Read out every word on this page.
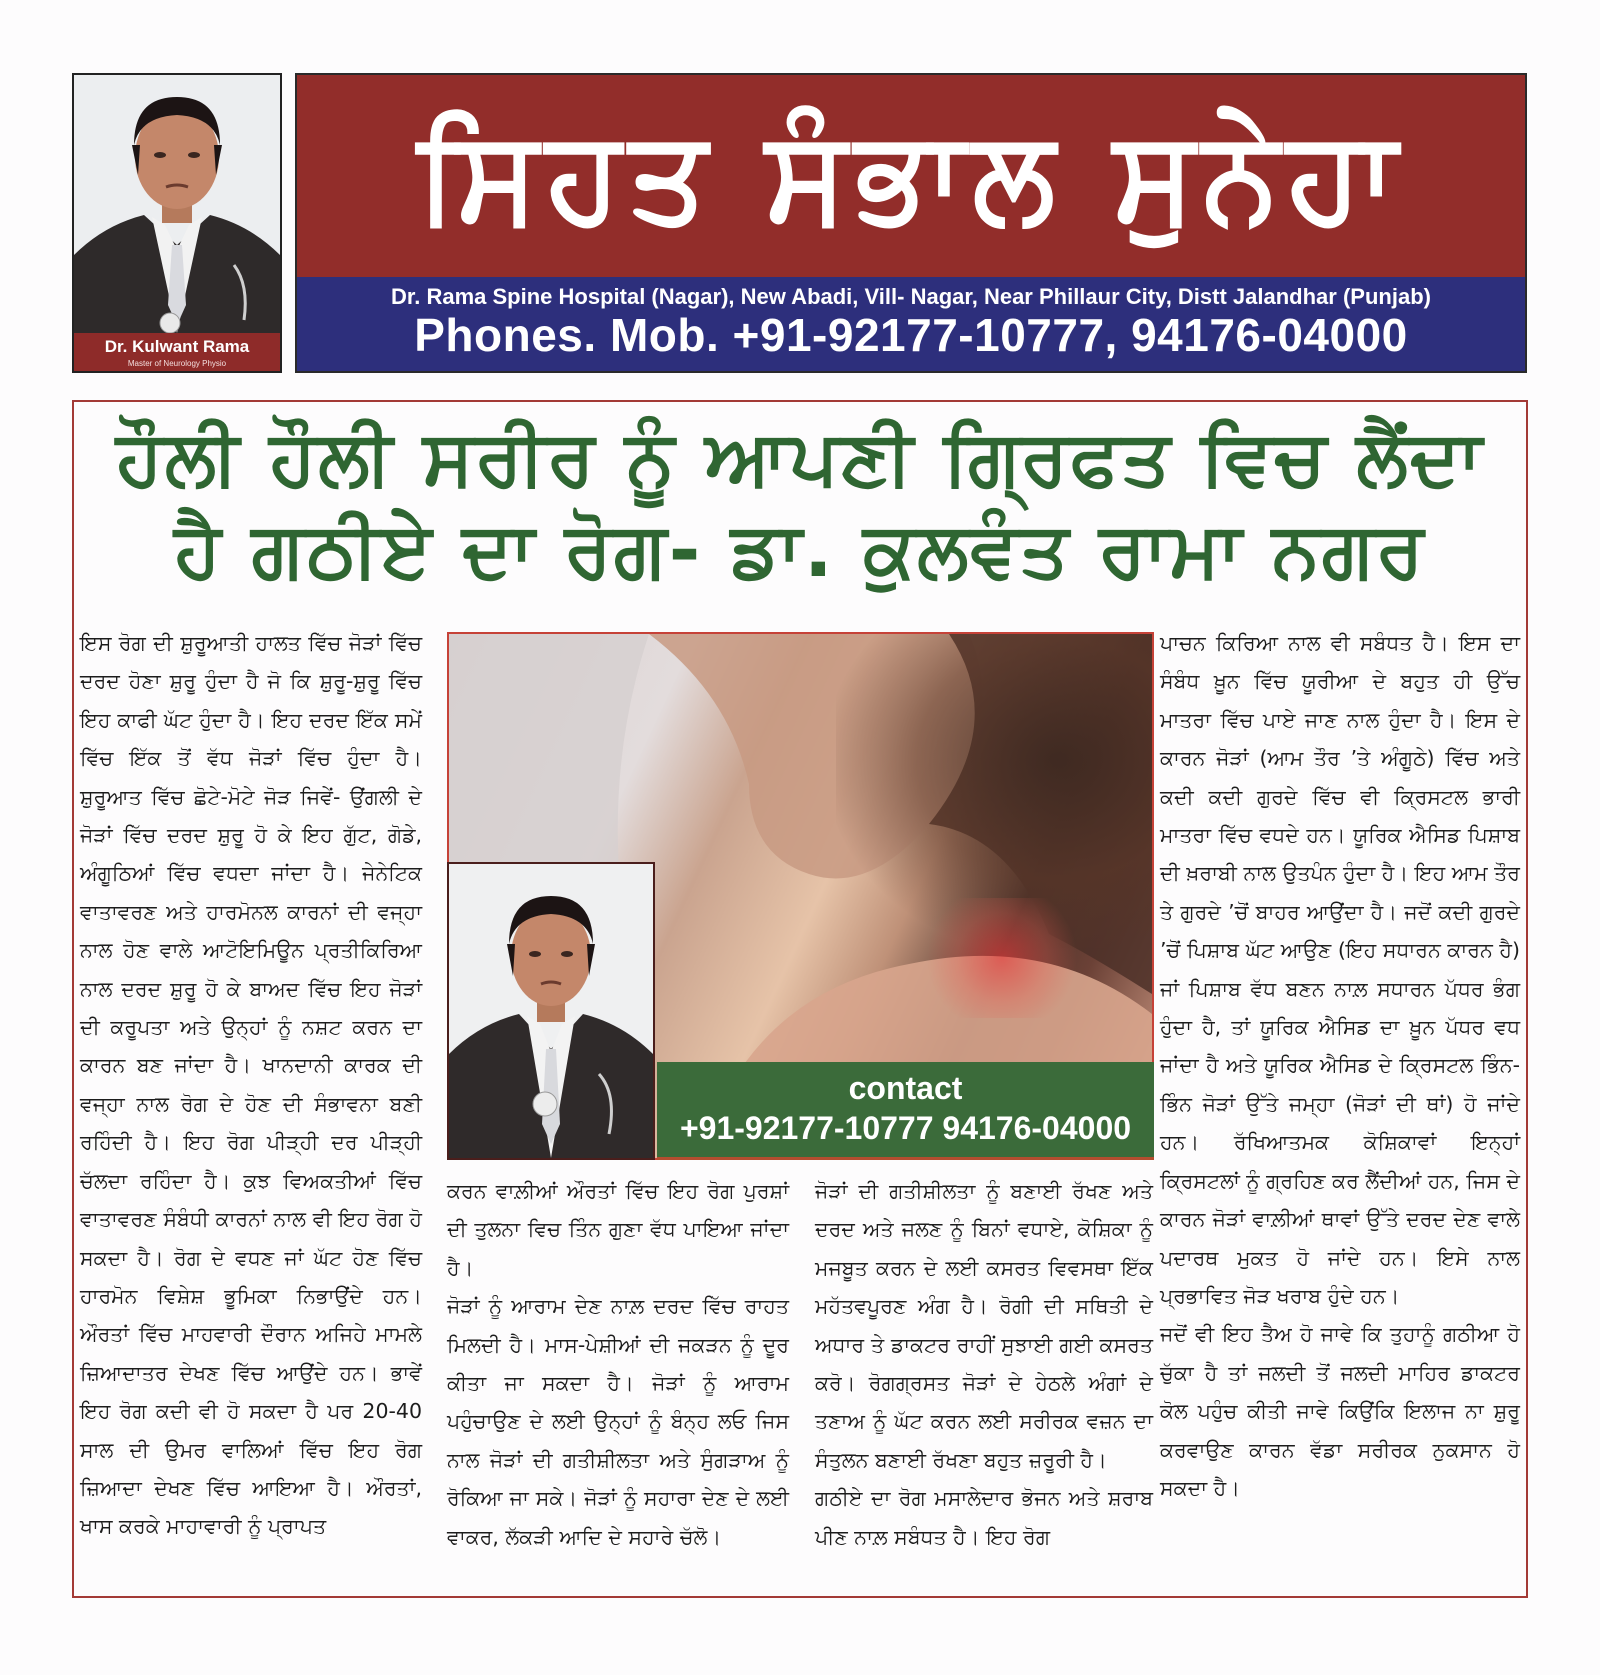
Dr. Kulwant Rama
Master of Neurology Physio
ਸਿਹਤ ਸੰਭਾਲ ਸੁਨੇਹਾ
Dr. Rama Spine Hospital (Nagar), New Abadi, Vill- Nagar, Near Phillaur City, Distt Jalandhar (Punjab)
Phones. Mob. +91-92177-10777, 94176-04000
ਹੌਲੀ ਹੌਲੀ ਸਰੀਰ ਨੂੰ ਆਪਣੀ ਗ੍ਰਿਫਤ ਵਿਚ ਲੈਂਦਾ
ਹੈ ਗਠੀਏ ਦਾ ਰੋਗ- ਡਾ. ਕੁਲਵੰਤ ਰਾਮਾ ਨਗਰ

ਇਸ ਰੋਗ ਦੀ ਸ਼ੁਰੂਆਤੀ ਹਾਲਤ ਵਿੱਚ ਜੋੜਾਂ ਵਿੱਚ ਦਰਦ ਹੋਣਾ ਸ਼ੁਰੂ ਹੁੰਦਾ ਹੈ ਜੋ ਕਿ ਸ਼ੁਰੂ-ਸ਼ੁਰੂ ਵਿੱਚ ਇਹ ਕਾਫੀ ਘੱਟ ਹੁੰਦਾ ਹੈ। ਇਹ ਦਰਦ ਇੱਕ ਸਮੇਂ ਵਿੱਚ ਇੱਕ ਤੋਂ ਵੱਧ ਜੋੜਾਂ ਵਿੱਚ ਹੁੰਦਾ ਹੈ। ਸ਼ੁਰੂਆਤ ਵਿੱਚ ਛੋਟੇ-ਮੋਟੇ ਜੋੜ ਜਿਵੇਂ- ਉਂਗਲੀ ਦੇ ਜੋੜਾਂ ਵਿੱਚ ਦਰਦ ਸ਼ੁਰੂ ਹੋ ਕੇ ਇਹ ਗੁੱਟ, ਗੋਡੇ, ਅੰਗੂਠਿਆਂ ਵਿੱਚ ਵਧਦਾ ਜਾਂਦਾ ਹੈ। ਜੇਨੇਟਿਕ ਵਾਤਾਵਰਣ ਅਤੇ ਹਾਰਮੋਨਲ ਕਾਰਨਾਂ ਦੀ ਵਜ੍ਹਾ ਨਾਲ ਹੋਣ ਵਾਲੇ ਆਟੋਇਮਿਊਨ ਪ੍ਰਤੀਕਿਰਿਆ ਨਾਲ ਦਰਦ ਸ਼ੁਰੂ ਹੋ ਕੇ ਬਾਅਦ ਵਿੱਚ ਇਹ ਜੋੜਾਂ ਦੀ ਕਰੂਪਤਾ ਅਤੇ ਉਨ੍ਹਾਂ ਨੂੰ ਨਸ਼ਟ ਕਰਨ ਦਾ ਕਾਰਨ ਬਣ ਜਾਂਦਾ ਹੈ। ਖਾਨਦਾਨੀ ਕਾਰਕ ਦੀ ਵਜ੍ਹਾ ਨਾਲ ਰੋਗ ਦੇ ਹੋਣ ਦੀ ਸੰਭਾਵਨਾ ਬਣੀ ਰਹਿੰਦੀ ਹੈ। ਇਹ ਰੋਗ ਪੀੜ੍ਹੀ ਦਰ ਪੀੜ੍ਹੀ ਚੱਲਦਾ ਰਹਿੰਦਾ ਹੈ। ਕੁਝ ਵਿਅਕਤੀਆਂ ਵਿੱਚ ਵਾਤਾਵਰਣ ਸੰਬੰਧੀ ਕਾਰਨਾਂ ਨਾਲ ਵੀ ਇਹ ਰੋਗ ਹੋ ਸਕਦਾ ਹੈ। ਰੋਗ ਦੇ ਵਧਣ ਜਾਂ ਘੱਟ ਹੋਣ ਵਿੱਚ ਹਾਰਮੋਨ ਵਿਸ਼ੇਸ਼ ਭੂਮਿਕਾ ਨਿਭਾਉਂਦੇ ਹਨ। ਔਰਤਾਂ ਵਿੱਚ ਮਾਹਵਾਰੀ ਦੌਰਾਨ ਅਜਿਹੇ ਮਾਮਲੇ ਜ਼ਿਆਦਾਤਰ ਦੇਖਣ ਵਿੱਚ ਆਉਂਦੇ ਹਨ। ਭਾਵੇਂ ਇਹ ਰੋਗ ਕਦੀ ਵੀ ਹੋ ਸਕਦਾ ਹੈ ਪਰ 20-40 ਸਾਲ ਦੀ ਉਮਰ ਵਾਲਿਆਂ ਵਿੱਚ ਇਹ ਰੋਗ ਜ਼ਿਆਦਾ ਦੇਖਣ ਵਿੱਚ ਆਇਆ ਹੈ। ਔਰਤਾਂ, ਖਾਸ ਕਰਕੇ ਮਾਹਾਵਾਰੀ ਨੂੰ ਪ੍ਰਾਪਤ

contact
+91-92177-10777 94176-04000

ਕਰਨ ਵਾਲ਼ੀਆਂ ਔਰਤਾਂ ਵਿੱਚ ਇਹ ਰੋਗ ਪੁਰਸ਼ਾਂ ਦੀ ਤੁਲਨਾ ਵਿਚ ਤਿੰਨ ਗੁਣਾ ਵੱਧ ਪਾਇਆ ਜਾਂਦਾ ਹੈ।

ਜੋੜਾਂ ਨੂੰ ਆਰਾਮ ਦੇਣ ਨਾਲ਼ ਦਰਦ ਵਿੱਚ ਰਾਹਤ ਮਿਲਦੀ ਹੈ। ਮਾਸ-ਪੇਸ਼ੀਆਂ ਦੀ ਜਕੜਨ ਨੂੰ ਦੂਰ ਕੀਤਾ ਜਾ ਸਕਦਾ ਹੈ। ਜੋੜਾਂ ਨੂੰ ਆਰਾਮ ਪਹੁੰਚਾਉਣ ਦੇ ਲਈ ਉਨ੍ਹਾਂ ਨੂੰ ਬੰਨ੍ਹ ਲਓ ਜਿਸ ਨਾਲ ਜੋੜਾਂ ਦੀ ਗਤੀਸ਼ੀਲਤਾ ਅਤੇ ਸੁੰਗੜਾਅ ਨੂੰ ਰੋਕਿਆ ਜਾ ਸਕੇ। ਜੋੜਾਂ ਨੂੰ ਸਹਾਰਾ ਦੇਣ ਦੇ ਲਈ ਵਾਕਰ, ਲੱਕੜੀ ਆਦਿ ਦੇ ਸਹਾਰੇ ਚੱਲੋ।

ਜੋੜਾਂ ਦੀ ਗਤੀਸ਼ੀਲਤਾ ਨੂੰ ਬਣਾਈ ਰੱਖਣ ਅਤੇ ਦਰਦ ਅਤੇ ਜਲਣ ਨੂੰ ਬਿਨਾਂ ਵਧਾਏ, ਕੋਸ਼ਿਕਾ ਨੂੰ ਮਜਬੂਤ ਕਰਨ ਦੇ ਲਈ ਕਸਰਤ ਵਿਵਸਥਾ ਇੱਕ ਮਹੱਤਵਪੂਰਣ ਅੰਗ ਹੈ। ਰੋਗੀ ਦੀ ਸਥਿਤੀ ਦੇ ਅਧਾਰ ਤੇ ਡਾਕਟਰ ਰਾਹੀਂ ਸੁਝਾਈ ਗਈ ਕਸਰਤ ਕਰੋ। ਰੋਗਗ੍ਰਸਤ ਜੋੜਾਂ ਦੇ ਹੇਠਲੇ ਅੰਗਾਂ ਦੇ ਤਣਾਅ ਨੂੰ ਘੱਟ ਕਰਨ ਲਈ ਸਰੀਰਕ ਵਜ਼ਨ ਦਾ ਸੰਤੁਲਨ ਬਣਾਈ ਰੱਖਣਾ ਬਹੁਤ ਜ਼ਰੂਰੀ ਹੈ।

ਗਠੀਏ ਦਾ ਰੋਗ ਮਸਾਲੇਦਾਰ ਭੋਜਨ ਅਤੇ ਸ਼ਰਾਬ ਪੀਣ ਨਾਲ਼ ਸਬੰਧਤ ਹੈ। ਇਹ ਰੋਗ

ਪਾਚਨ ਕਿਰਿਆ ਨਾਲ ਵੀ ਸਬੰਧਤ ਹੈ। ਇਸ ਦਾ ਸੰਬੰਧ ਖ਼ੂਨ ਵਿੱਚ ਯੂਰੀਆ ਦੇ ਬਹੁਤ ਹੀ ਉੱਚ ਮਾਤਰਾ ਵਿੱਚ ਪਾਏ ਜਾਣ ਨਾਲ ਹੁੰਦਾ ਹੈ। ਇਸ ਦੇ ਕਾਰਨ ਜੋੜਾਂ (ਆਮ ਤੌਰ ’ਤੇ ਅੰਗੂਠੇ) ਵਿੱਚ ਅਤੇ ਕਦੀ ਕਦੀ ਗੁਰਦੇ ਵਿੱਚ ਵੀ ਕ੍ਰਿਸਟਲ ਭਾਰੀ ਮਾਤਰਾ ਵਿੱਚ ਵਧਦੇ ਹਨ। ਯੂਰਿਕ ਐਸਿਡ ਪਿਸ਼ਾਬ ਦੀ ਖ਼ਰਾਬੀ ਨਾਲ ਉਤਪੰਨ ਹੁੰਦਾ ਹੈ। ਇਹ ਆਮ ਤੌਰ ਤੇ ਗੁਰਦੇ ’ਚੋਂ ਬਾਹਰ ਆਉਂਦਾ ਹੈ। ਜਦੋਂ ਕਦੀ ਗੁਰਦੇ ’ਚੋਂ ਪਿਸ਼ਾਬ ਘੱਟ ਆਉਣ (ਇਹ ਸਧਾਰਨ ਕਾਰਨ ਹੈ) ਜਾਂ ਪਿਸ਼ਾਬ ਵੱਧ ਬਣਨ ਨਾਲ਼ ਸਧਾਰਨ ਪੱਧਰ ਭੰਗ ਹੁੰਦਾ ਹੈ, ਤਾਂ ਯੂਰਿਕ ਐਸਿਡ ਦਾ ਖ਼ੂਨ ਪੱਧਰ ਵਧ ਜਾਂਦਾ ਹੈ ਅਤੇ ਯੂਰਿਕ ਐਸਿਡ ਦੇ ਕ੍ਰਿਸਟਲ ਭਿੰਨ-ਭਿੰਨ ਜੋੜਾਂ ਉੱਤੇ ਜਮ੍ਹਾ (ਜੋੜਾਂ ਦੀ ਥਾਂ) ਹੋ ਜਾਂਦੇ ਹਨ। ਰੱਖਿਆਤਮਕ ਕੋਸ਼ਿਕਾਵਾਂ ਇਨ੍ਹਾਂ ਕ੍ਰਿਸਟਲਾਂ ਨੂੰ ਗ੍ਰਹਿਣ ਕਰ ਲੈਂਦੀਆਂ ਹਨ, ਜਿਸ ਦੇ ਕਾਰਨ ਜੋੜਾਂ ਵਾਲ਼ੀਆਂ ਥਾਵਾਂ ਉੱਤੇ ਦਰਦ ਦੇਣ ਵਾਲੇ ਪਦਾਰਥ ਮੁਕਤ ਹੋ ਜਾਂਦੇ ਹਨ। ਇਸੇ ਨਾਲ ਪ੍ਰਭਾਵਿਤ ਜੋੜ ਖਰਾਬ ਹੁੰਦੇ ਹਨ।

ਜਦੋਂ ਵੀ ਇਹ ਤੈਅ ਹੋ ਜਾਵੇ ਕਿ ਤੁਹਾਨੂੰ ਗਠੀਆ ਹੋ ਚੁੱਕਾ ਹੈ ਤਾਂ ਜਲਦੀ ਤੋਂ ਜਲਦੀ ਮਾਹਿਰ ਡਾਕਟਰ ਕੋਲ ਪਹੁੰਚ ਕੀਤੀ ਜਾਵੇ ਕਿਉਂਕਿ ਇਲਾਜ ਨਾ ਸ਼ੁਰੂ ਕਰਵਾਉਣ ਕਾਰਨ ਵੱਡਾ ਸਰੀਰਕ ਨੁਕਸਾਨ ਹੋ ਸਕਦਾ ਹੈ।
